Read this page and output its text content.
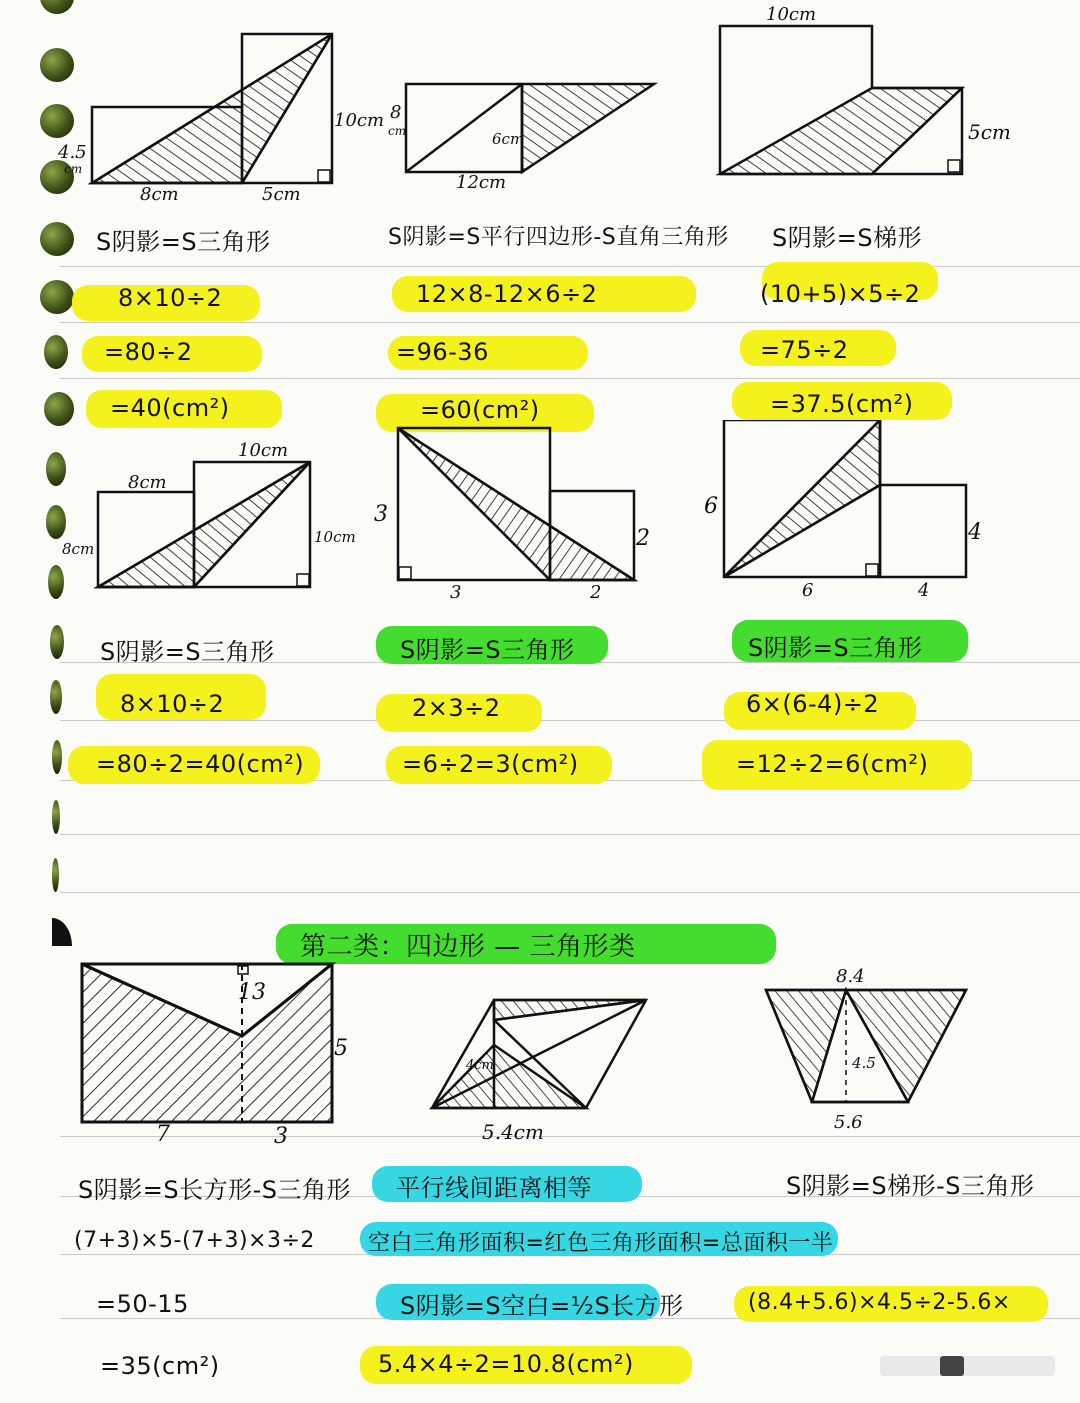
4.5
cm
8cm	5cm
10cm 8
cm	6cm
12cm
10cm
5cm
S阴影=S三角形	S阴影=S平行四边形-S直角三角形 S阴影=S梯形
8×10÷2
=80÷2
=40(cm²)
12×8-12×6÷2
=96-36
=60(cm²)
(10+5)×5÷2
=75÷2
=37.5(cm²)
8cm
10cm
8cm
10cm
3
2
3	2
6
4
6	4
S阴影=S三角形	S阴影=S三角形	S阴影=S三角形
8×10÷2
=80÷2=40(cm²)
2×3÷2
=6÷2=3(cm²)
6×(6-4)÷2
=12÷2=6(cm²)
第二类：四边形 — 三角形类
13
5
7	3
4cm
5.4cm
8.4
4.5
5.6
S阴影=S长方形-S三角形 平行线间距离相等	S阴影=S梯形-S三角形
(7+3)×5-(7+3)×3÷2 空白三角形面积=红色三角形面积=总面积一半
=50-15	S阴影=S空白=½S长方形	(8.4+5.6)×4.5÷2-5.6×
=35(cm²)	5.4×4÷2=10.8(cm²)
